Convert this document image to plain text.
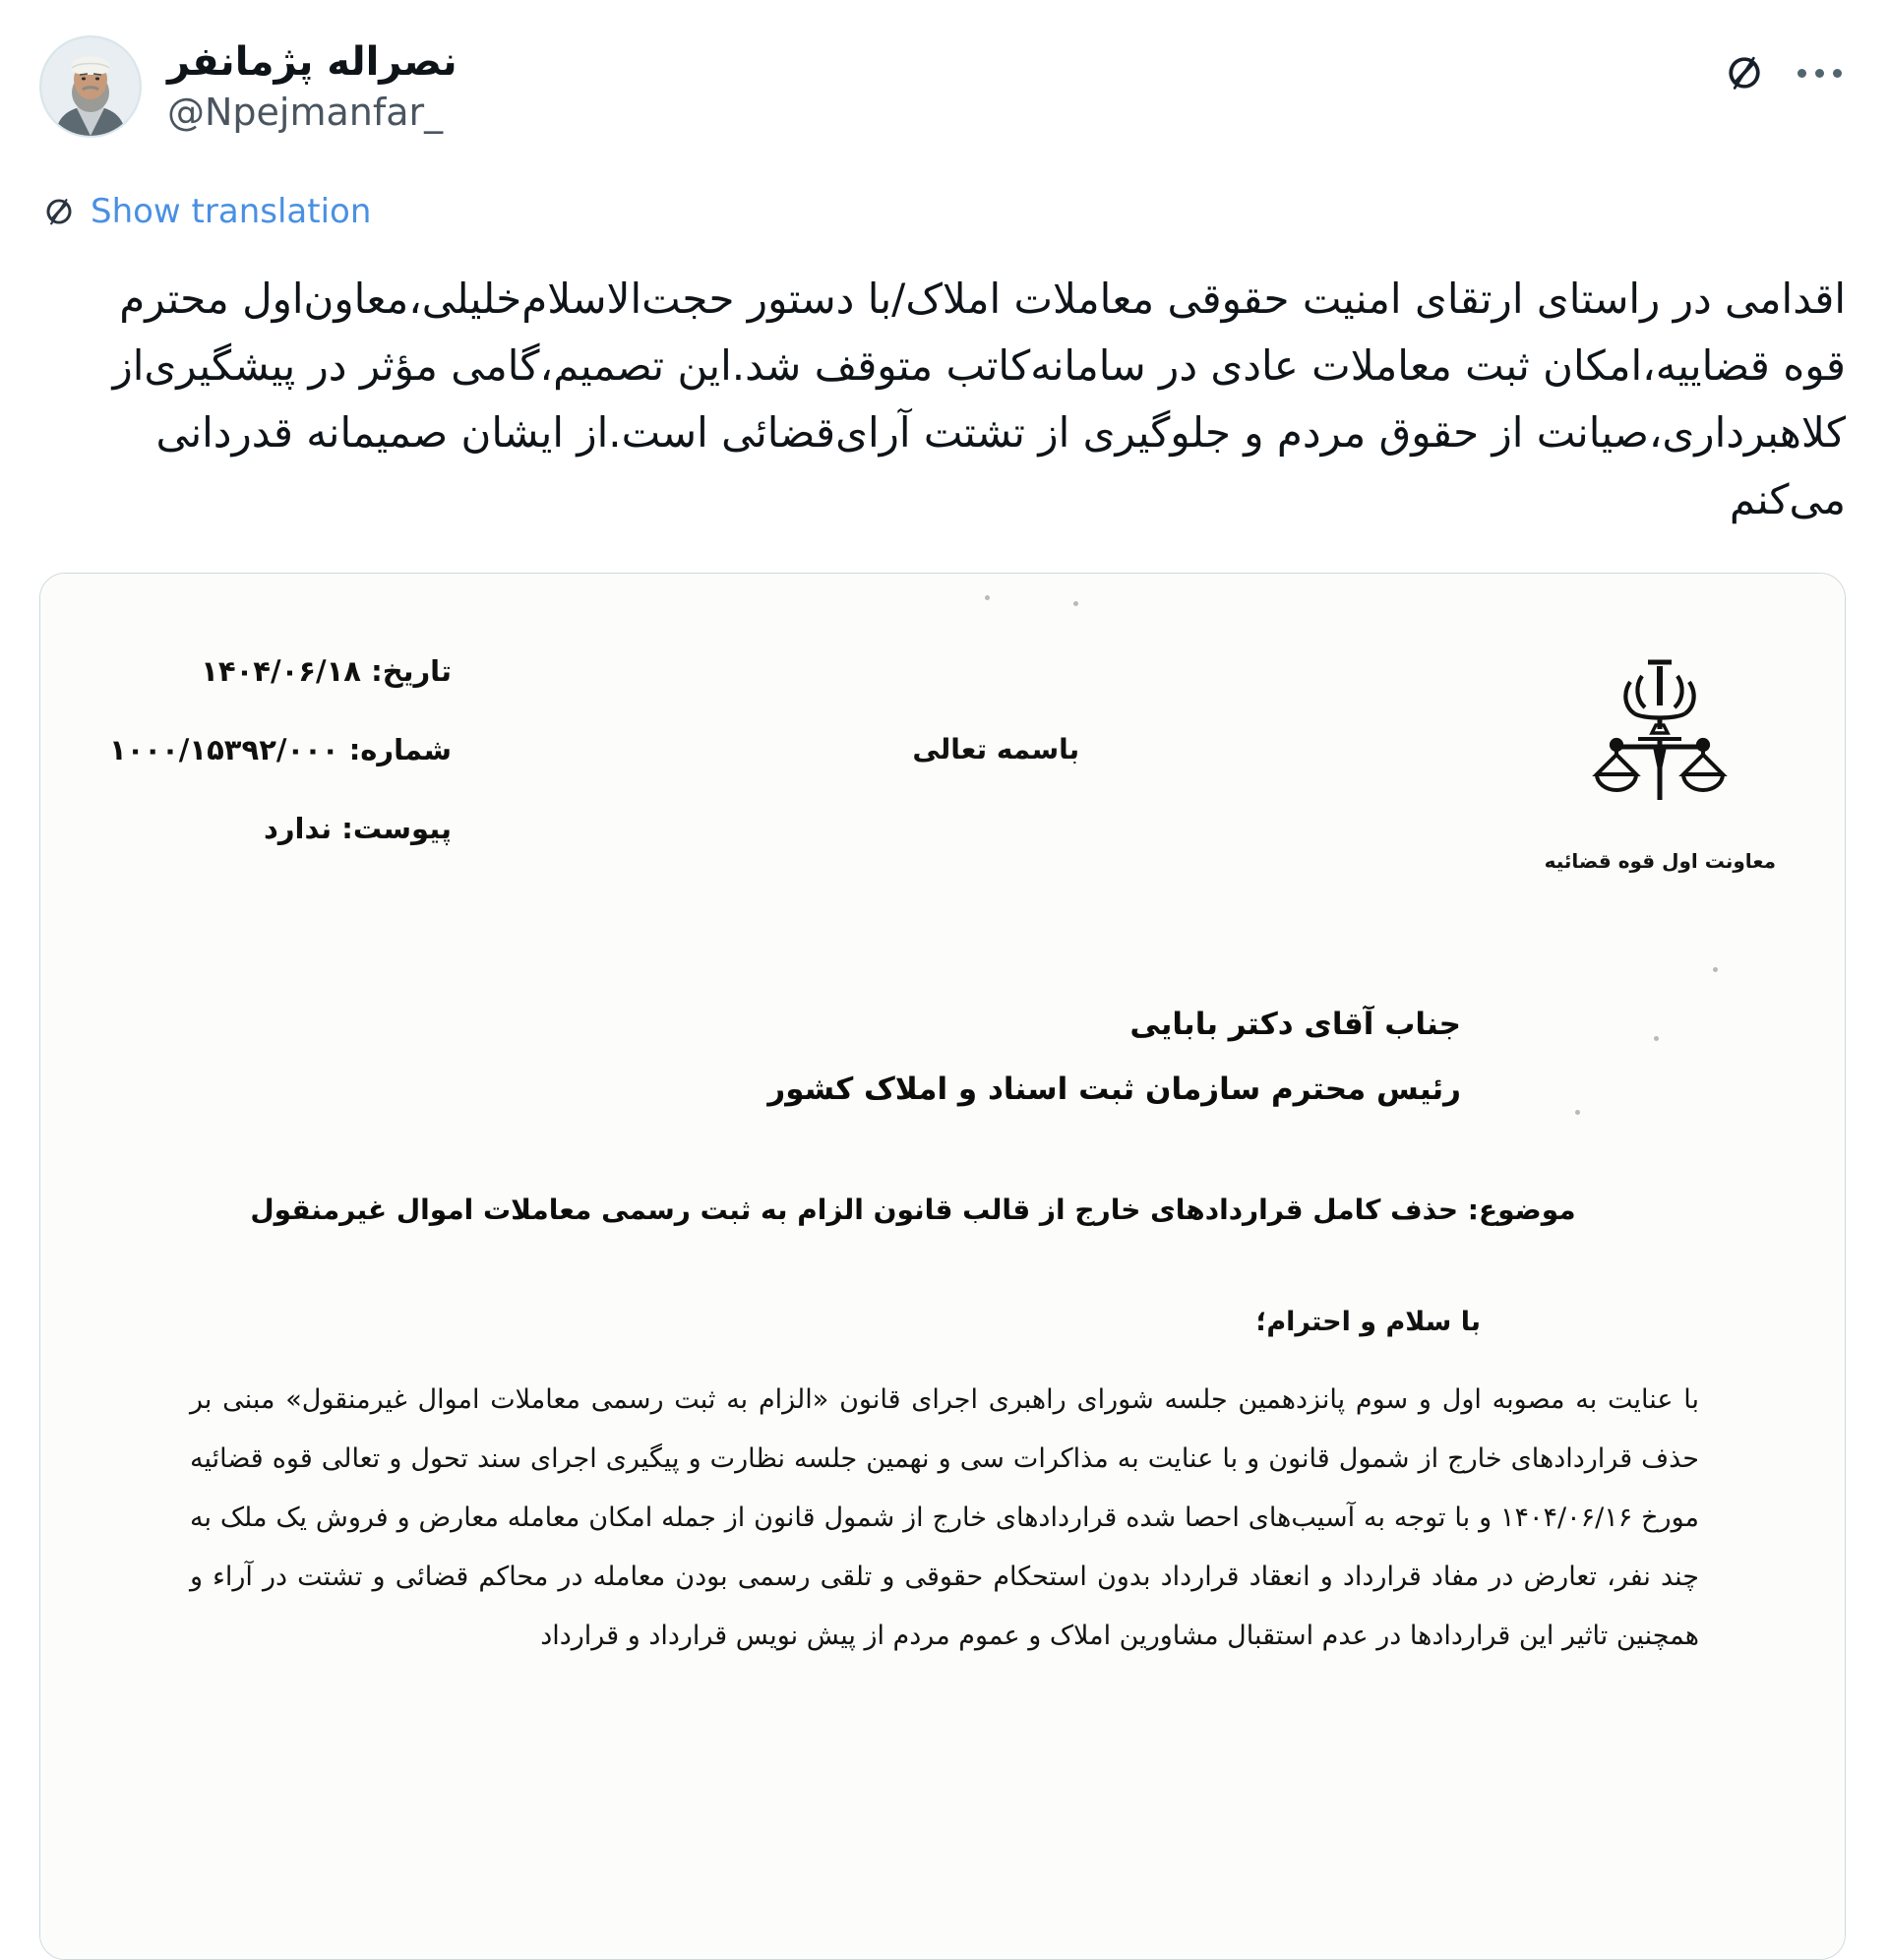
نصراله پژمانفر
@Npejmanfar_
Show translation
اقدامی در راستای ارتقای امنیت حقوقی معاملات املاک/با دستور حجت‌الاسلام‌خلیلی،معاون‌اول محترم قوه قضاییه،امکان ثبت معاملات عادی در سامانه‌کاتب متوقف شد.این تصمیم،گامی مؤثر در پیشگیری‌از کلاهبرداری،صیانت از حقوق مردم و جلوگیری از تشتت آرای‌قضائی است.از ایشان صمیمانه قدردانی می‌کنم
معاونت اول قوه قضائیه
باسمه تعالی
تاریخ: ۱۴۰۴/۰۶/۱۸
شماره: ۱۰۰۰/۱۵۳۹۲/۰۰۰
پیوست: ندارد
جناب آقای دکتر بابایی
رئیس محترم سازمان ثبت اسناد و املاک کشور
موضوع: حذف کامل قراردادهای خارج از قالب قانون الزام به ثبت رسمی معاملات اموال غیرمنقول
با سلام و احترام؛
با عنایت به مصوبه اول و سوم پانزدهمین جلسه شورای راهبری اجرای قانون «الزام به ثبت رسمی معاملات اموال غیرمنقول» مبنی بر حذف قراردادهای خارج از شمول قانون و با عنایت به مذاکرات سی و نهمین جلسه نظارت و پیگیری اجرای سند تحول و تعالی قوه قضائیه مورخ ۱۴۰۴/۰۶/۱۶ و با توجه به آسیب‌های احصا شده قراردادهای خارج از شمول قانون از جمله امکان معامله معارض و فروش یک ملک به چند نفر، تعارض در مفاد قرارداد و انعقاد قرارداد بدون استحکام حقوقی و تلقی رسمی بودن معامله در محاکم قضائی و تشتت در آراء و همچنین تاثیر این قراردادها در عدم استقبال مشاورین املاک و عموم مردم از پیش نویس قرارداد و قرارداد
